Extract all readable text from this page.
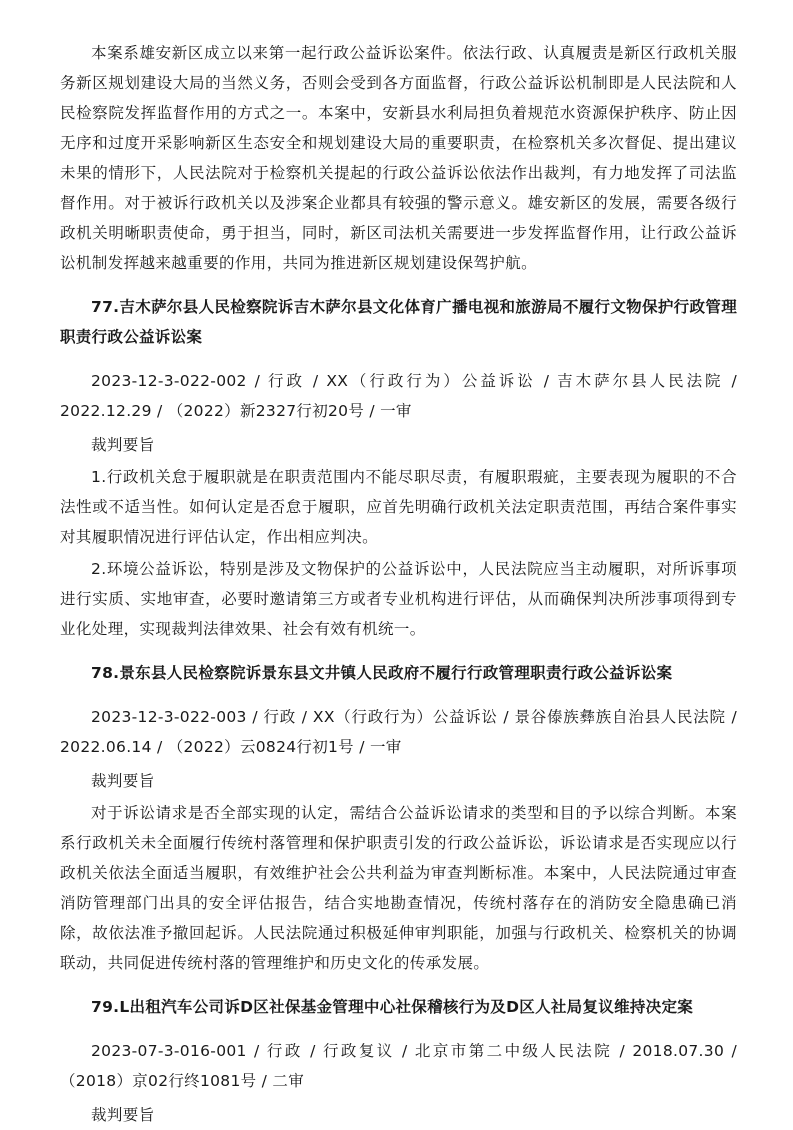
本案系雄安新区成立以来第一起行政公益诉讼案件。依法行政、认真履责是新区行政机关服务新区规划建设大局的当然义务，否则会受到各方面监督，行政公益诉讼机制即是人民法院和人民检察院发挥监督作用的方式之一。本案中，安新县水利局担负着规范水资源保护秩序、防止因无序和过度开采影响新区生态安全和规划建设大局的重要职责，在检察机关多次督促、提出建议未果的情形下，人民法院对于检察机关提起的行政公益诉讼依法作出裁判，有力地发挥了司法监督作用。对于被诉行政机关以及涉案企业都具有较强的警示意义。雄安新区的发展，需要各级行政机关明晰职责使命，勇于担当，同时，新区司法机关需要进一步发挥监督作用，让行政公益诉讼机制发挥越来越重要的作用，共同为推进新区规划建设保驾护航。

77.吉木萨尔县人民检察院诉吉木萨尔县文化体育广播电视和旅游局不履行文物保护行政管理职责行政公益诉讼案

2023-12-3-022-002 / 行政 / XX（行政行为）公益诉讼 / 吉木萨尔县人民法院 / 2022.12.29 / （2022）新2327行初20号 / 一审

裁判要旨

1.行政机关怠于履职就是在职责范围内不能尽职尽责，有履职瑕疵，主要表现为履职的不合法性或不适当性。如何认定是否怠于履职，应首先明确行政机关法定职责范围，再结合案件事实对其履职情况进行评估认定，作出相应判决。

2.环境公益诉讼，特别是涉及文物保护的公益诉讼中，人民法院应当主动履职，对所诉事项进行实质、实地审查，必要时邀请第三方或者专业机构进行评估，从而确保判决所涉事项得到专业化处理，实现裁判法律效果、社会有效有机统一。

78.景东县人民检察院诉景东县文井镇人民政府不履行行政管理职责行政公益诉讼案

2023-12-3-022-003 / 行政 / XX（行政行为）公益诉讼 / 景谷傣族彝族自治县人民法院 / 2022.06.14 / （2022）云0824行初1号 / 一审

裁判要旨

对于诉讼请求是否全部实现的认定，需结合公益诉讼请求的类型和目的予以综合判断。本案系行政机关未全面履行传统村落管理和保护职责引发的行政公益诉讼，诉讼请求是否实现应以行政机关依法全面适当履职，有效维护社会公共利益为审查判断标准。本案中，人民法院通过审查消防管理部门出具的安全评估报告，结合实地勘查情况，传统村落存在的消防安全隐患确已消除，故依法准予撤回起诉。人民法院通过积极延伸审判职能，加强与行政机关、检察机关的协调联动，共同促进传统村落的管理维护和历史文化的传承发展。

79.L出租汽车公司诉D区社保基金管理中心社保稽核行为及D区人社局复议维持决定案

2023-07-3-016-001 / 行政 / 行政复议 / 北京市第二中级人民法院 / 2018.07.30 / （2018）京02行终1081号 / 二审

裁判要旨
